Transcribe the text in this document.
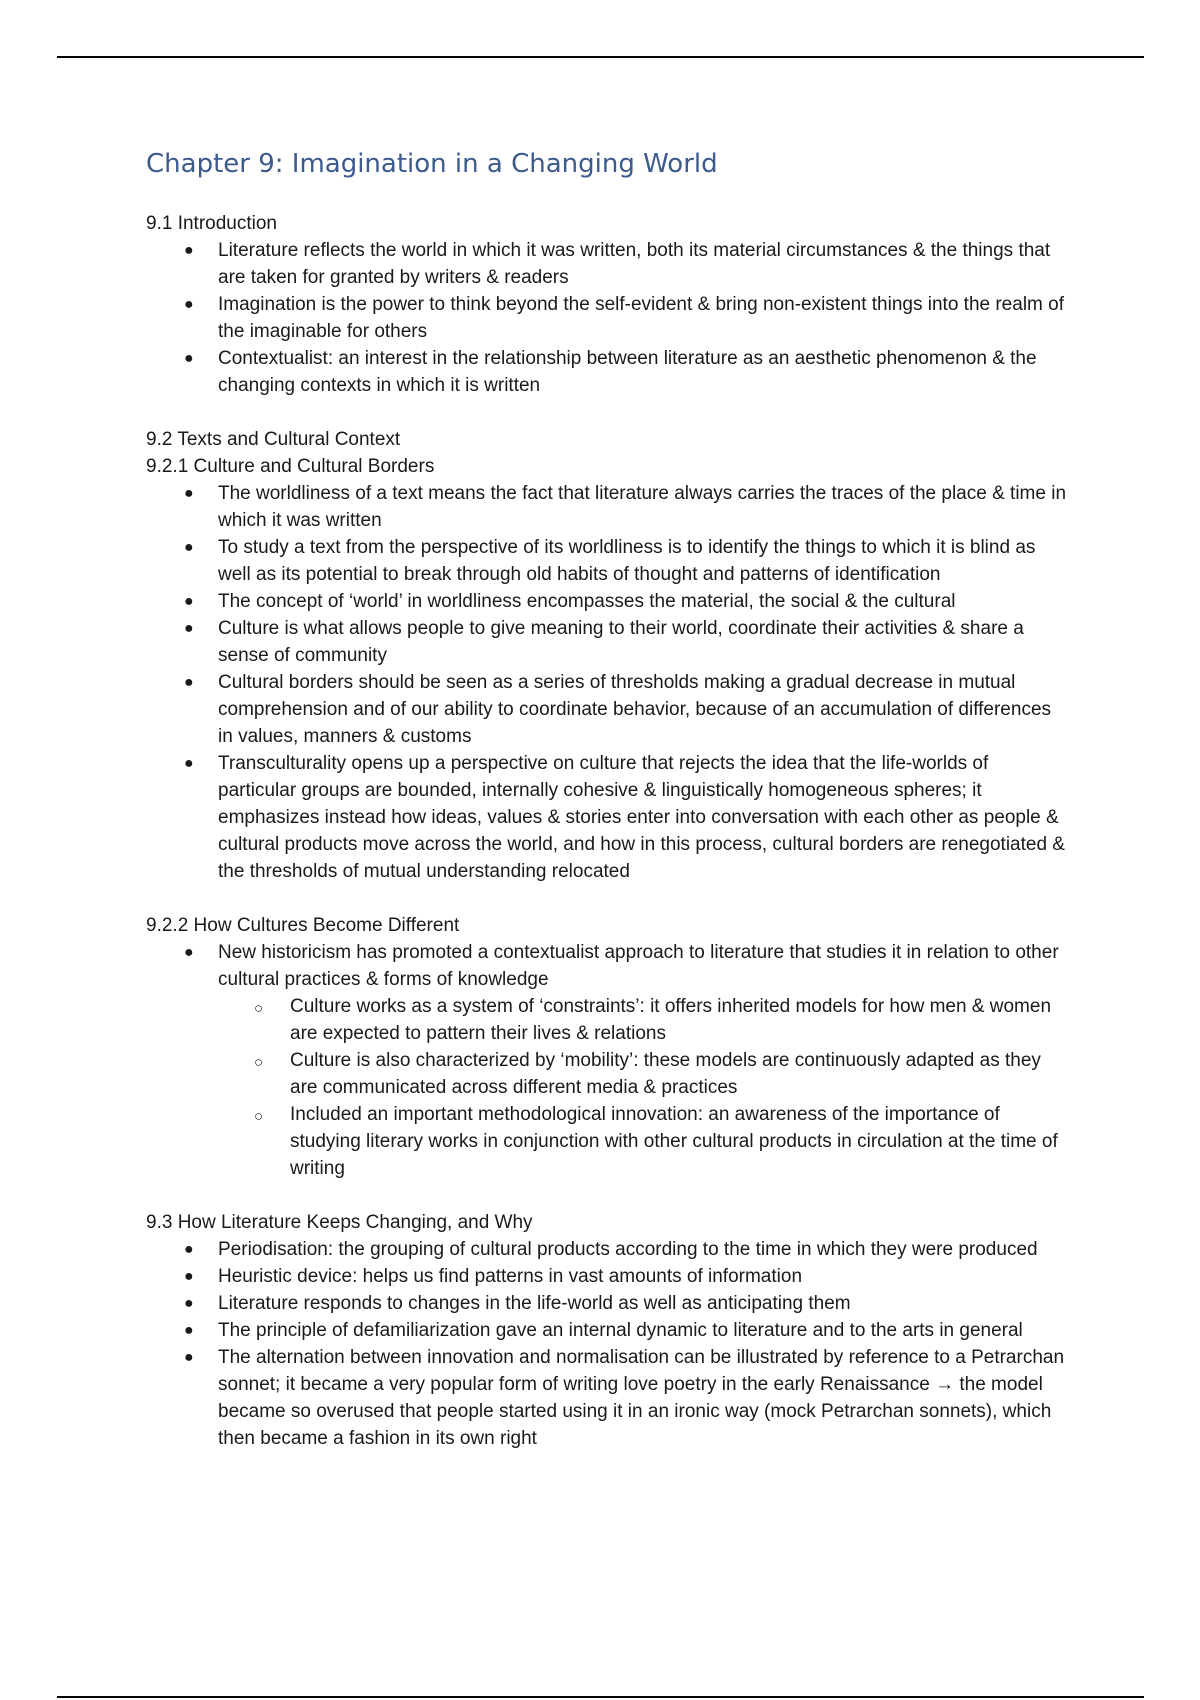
Chapter 9: Imagination in a Changing World

9.1 Introduction

● Literature reflects the world in which it was written, both its material circumstances & the things that are taken for granted by writers & readers
● Imagination is the power to think beyond the self-evident & bring non-existent things into the realm of the imaginable for others
● Contextualist: an interest in the relationship between literature as an aesthetic phenomenon & the changing contexts in which it is written

9.2 Texts and Cultural Context

9.2.1 Culture and Cultural Borders

● The worldliness of a text means the fact that literature always carries the traces of the place & time in which it was written
● To study a text from the perspective of its worldliness is to identify the things to which it is blind as well as its potential to break through old habits of thought and patterns of identification
● The concept of ‘world’ in worldliness encompasses the material, the social & the cultural
● Culture is what allows people to give meaning to their world, coordinate their activities & share a sense of community
● Cultural borders should be seen as a series of thresholds making a gradual decrease in mutual comprehension and of our ability to coordinate behavior, because of an accumulation of differences in values, manners & customs
● Transculturality opens up a perspective on culture that rejects the idea that the life-worlds of particular groups are bounded, internally cohesive & linguistically homogeneous spheres; it emphasizes instead how ideas, values & stories enter into conversation with each other as people & cultural products move across the world, and how in this process, cultural borders are renegotiated & the thresholds of mutual understanding relocated

9.2.2 How Cultures Become Different

● New historicism has promoted a contextualist approach to literature that studies it in relation to other cultural practices & forms of knowledge
○ Culture works as a system of ‘constraints’: it offers inherited models for how men & women are expected to pattern their lives & relations
○ Culture is also characterized by ‘mobility’: these models are continuously adapted as they are communicated across different media & practices
○ Included an important methodological innovation: an awareness of the importance of studying literary works in conjunction with other cultural products in circulation at the time of writing

9.3 How Literature Keeps Changing, and Why

● Periodisation: the grouping of cultural products according to the time in which they were produced
● Heuristic device: helps us find patterns in vast amounts of information
● Literature responds to changes in the life-world as well as anticipating them
● The principle of defamiliarization gave an internal dynamic to literature and to the arts in general
● The alternation between innovation and normalisation can be illustrated by reference to a Petrarchan sonnet; it became a very popular form of writing love poetry in the early Renaissance → the model became so overused that people started using it in an ironic way (mock Petrarchan sonnets), which then became a fashion in its own right
